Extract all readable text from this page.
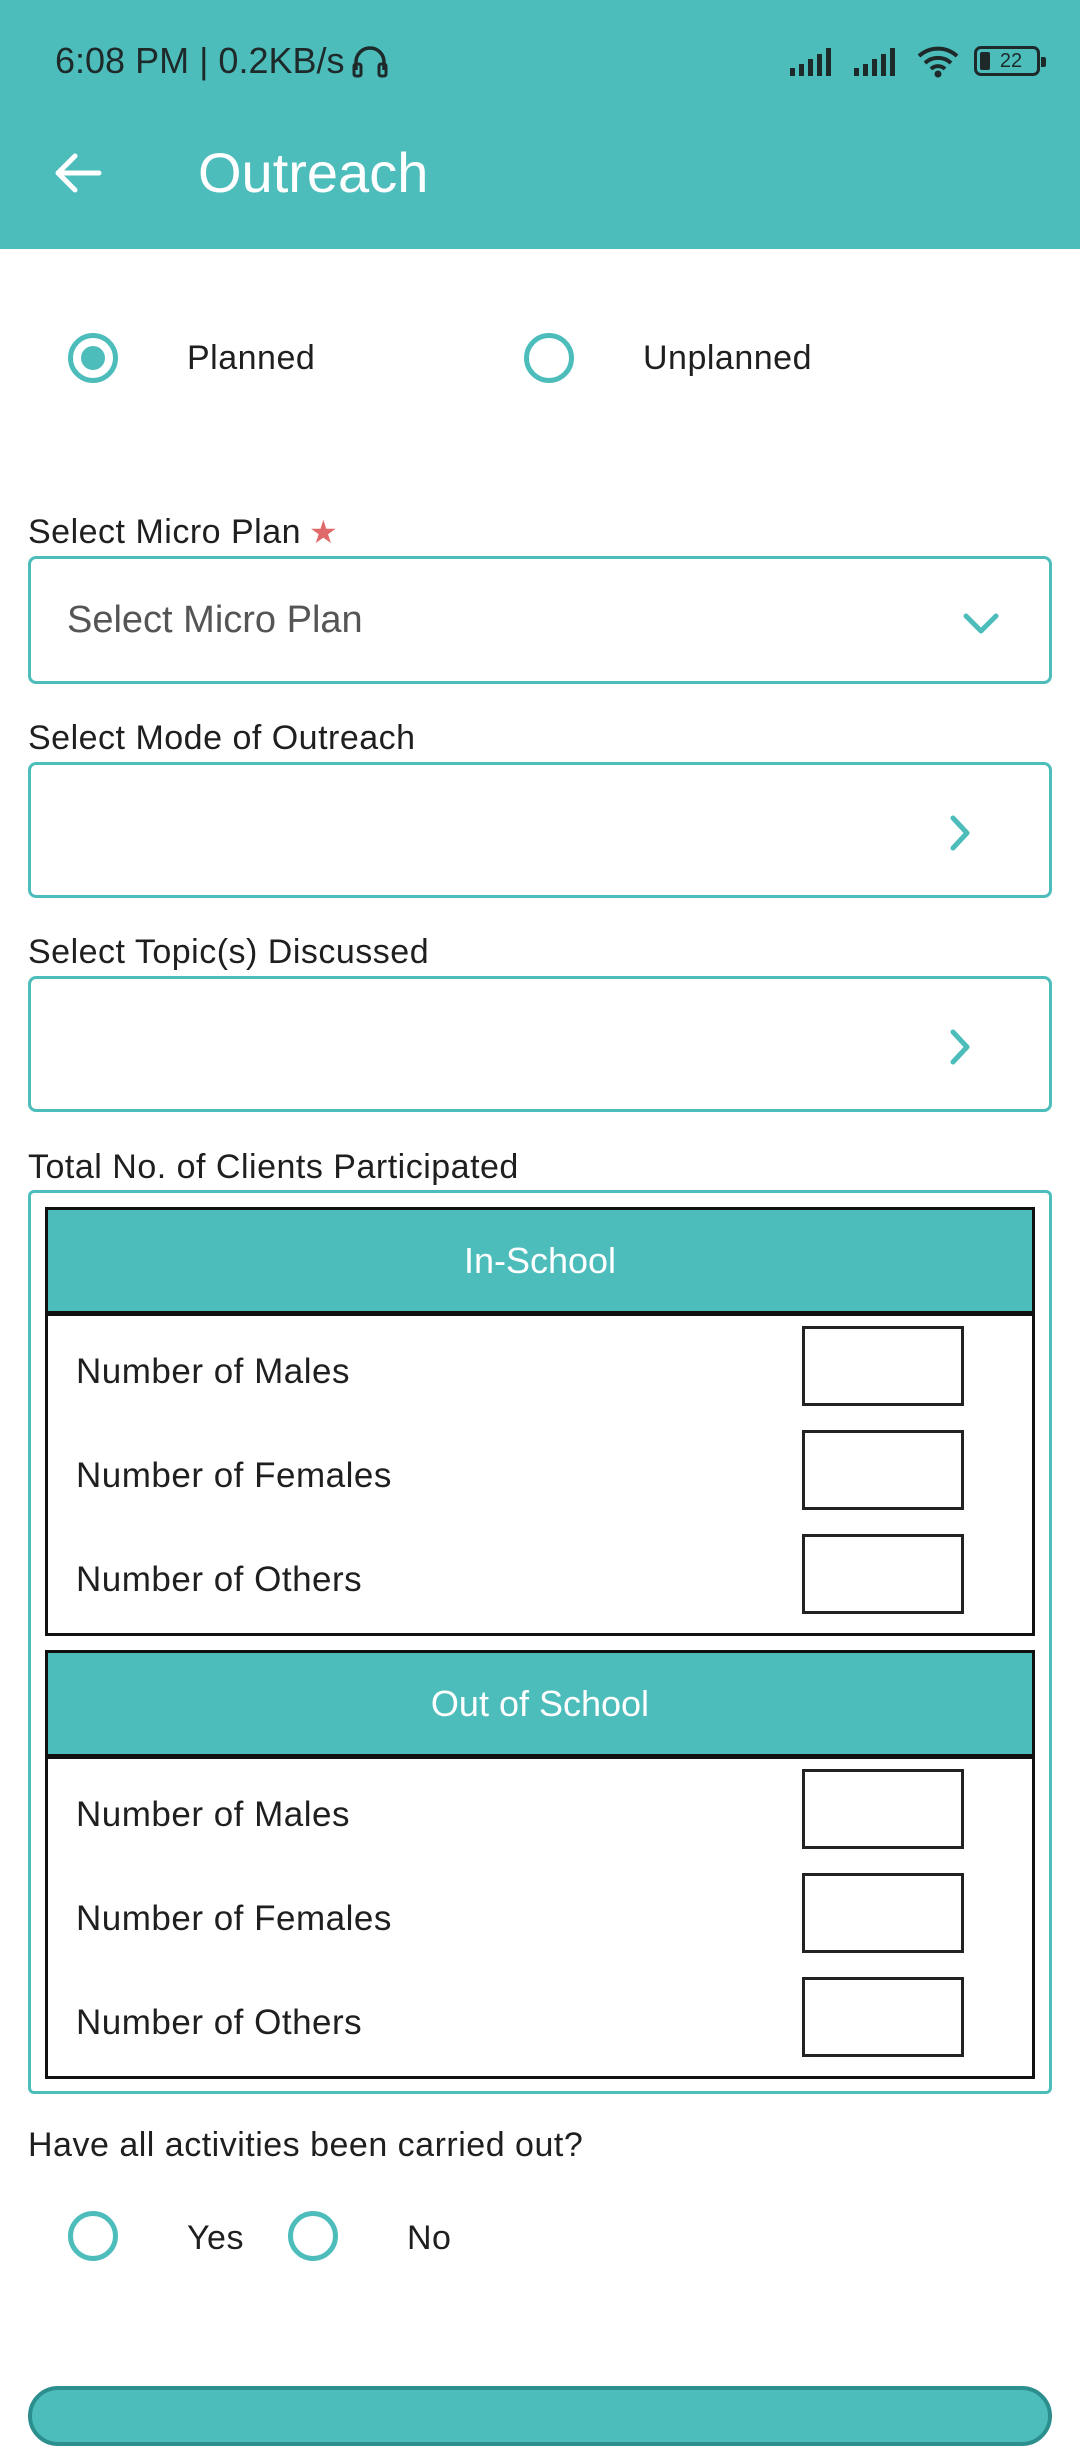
6:08 PM | 0.2KB/s	22
Outreach
Planned	Unplanned
Select Micro Plan ★
Select Micro Plan
Select Mode of Outreach
Select Topic(s) Discussed
Total No. of Clients Participated
In-School
Number of Males
Number of Females
Number of Others
Out of School
Number of Males
Number of Females
Number of Others
Have all activities been carried out?
Yes	No
